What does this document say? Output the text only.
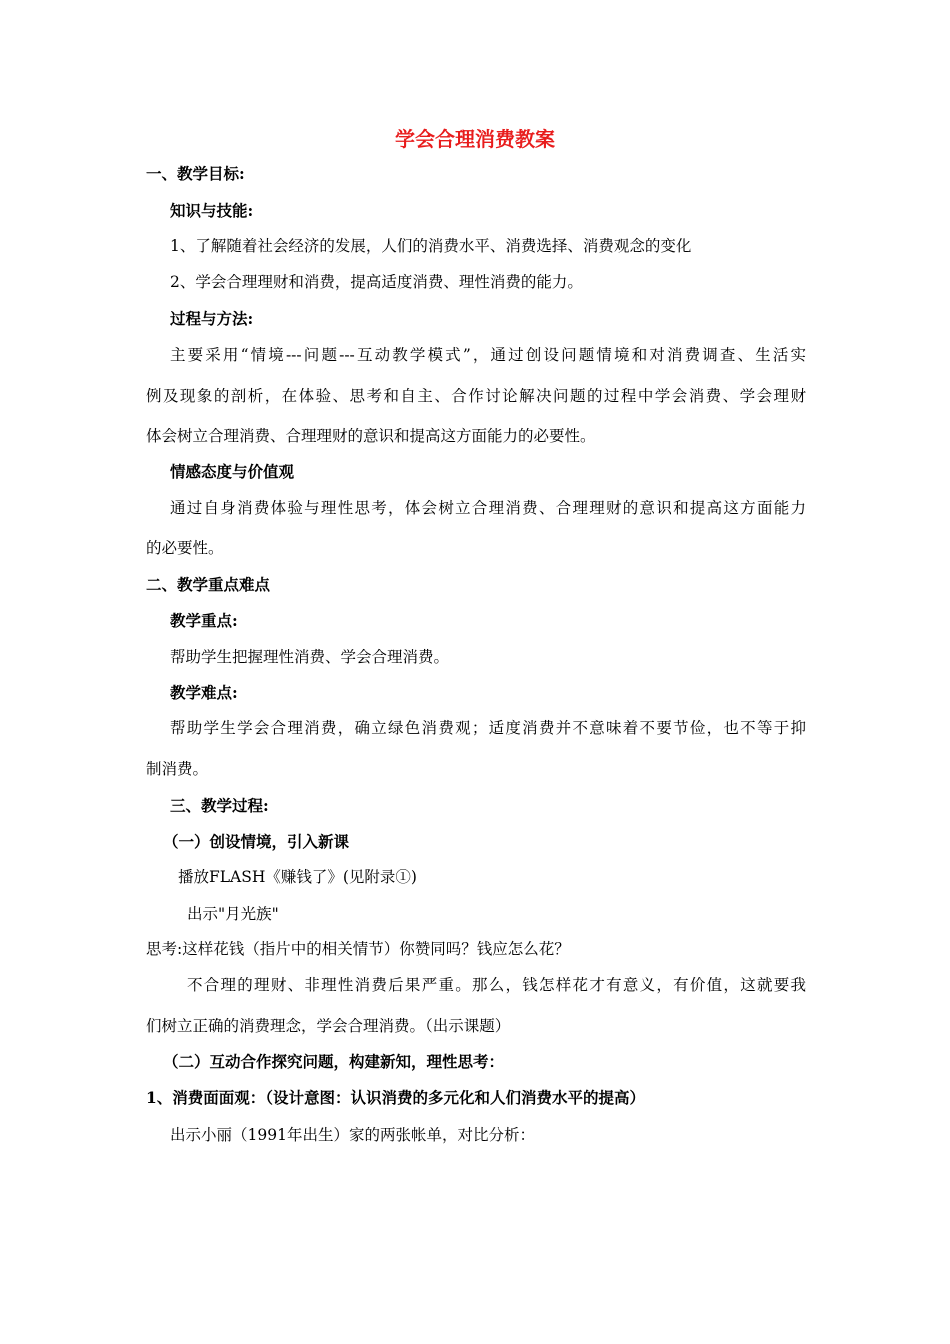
学会合理消费教案

一、教学目标:

知识与技能:

1、了解随着社会经济的发展，人们的消费水平、消费选择、消费观念的变化

2、学会合理理财和消费，提高适度消费、理性消费的能力。

过程与方法:

主要采用“情境---问题---互动教学模式”，通过创设问题情境和对消费调查、生活实

例及现象的剖析，在体验、思考和自主、合作讨论解决问题的过程中学会消费、学会理财

体会树立合理消费、合理理财的意识和提高这方面能力的必要性。

情感态度与价值观

通过自身消费体验与理性思考，体会树立合理消费、合理理财的意识和提高这方面能力

的必要性。

二、教学重点难点

教学重点:

帮助学生把握理性消费、学会合理消费。

教学难点:

帮助学生学会合理消费，确立绿色消费观；适度消费并不意味着不要节俭，也不等于抑

制消费。

三、教学过程:

（一）创设情境，引入新课

播放FLASH《赚钱了》(见附录①)

出示"月光族"

思考:这样花钱（指片中的相关情节）你赞同吗？钱应怎么花？

不合理的理财、非理性消费后果严重。那么，钱怎样花才有意义，有价值，这就要我

们树立正确的消费理念，学会合理消费。（出示课题）

（二）互动合作探究问题，构建新知，理性思考：

1、消费面面观：（设计意图：认识消费的多元化和人们消费水平的提高）

出示小丽（1991年出生）家的两张帐单，对比分析：
